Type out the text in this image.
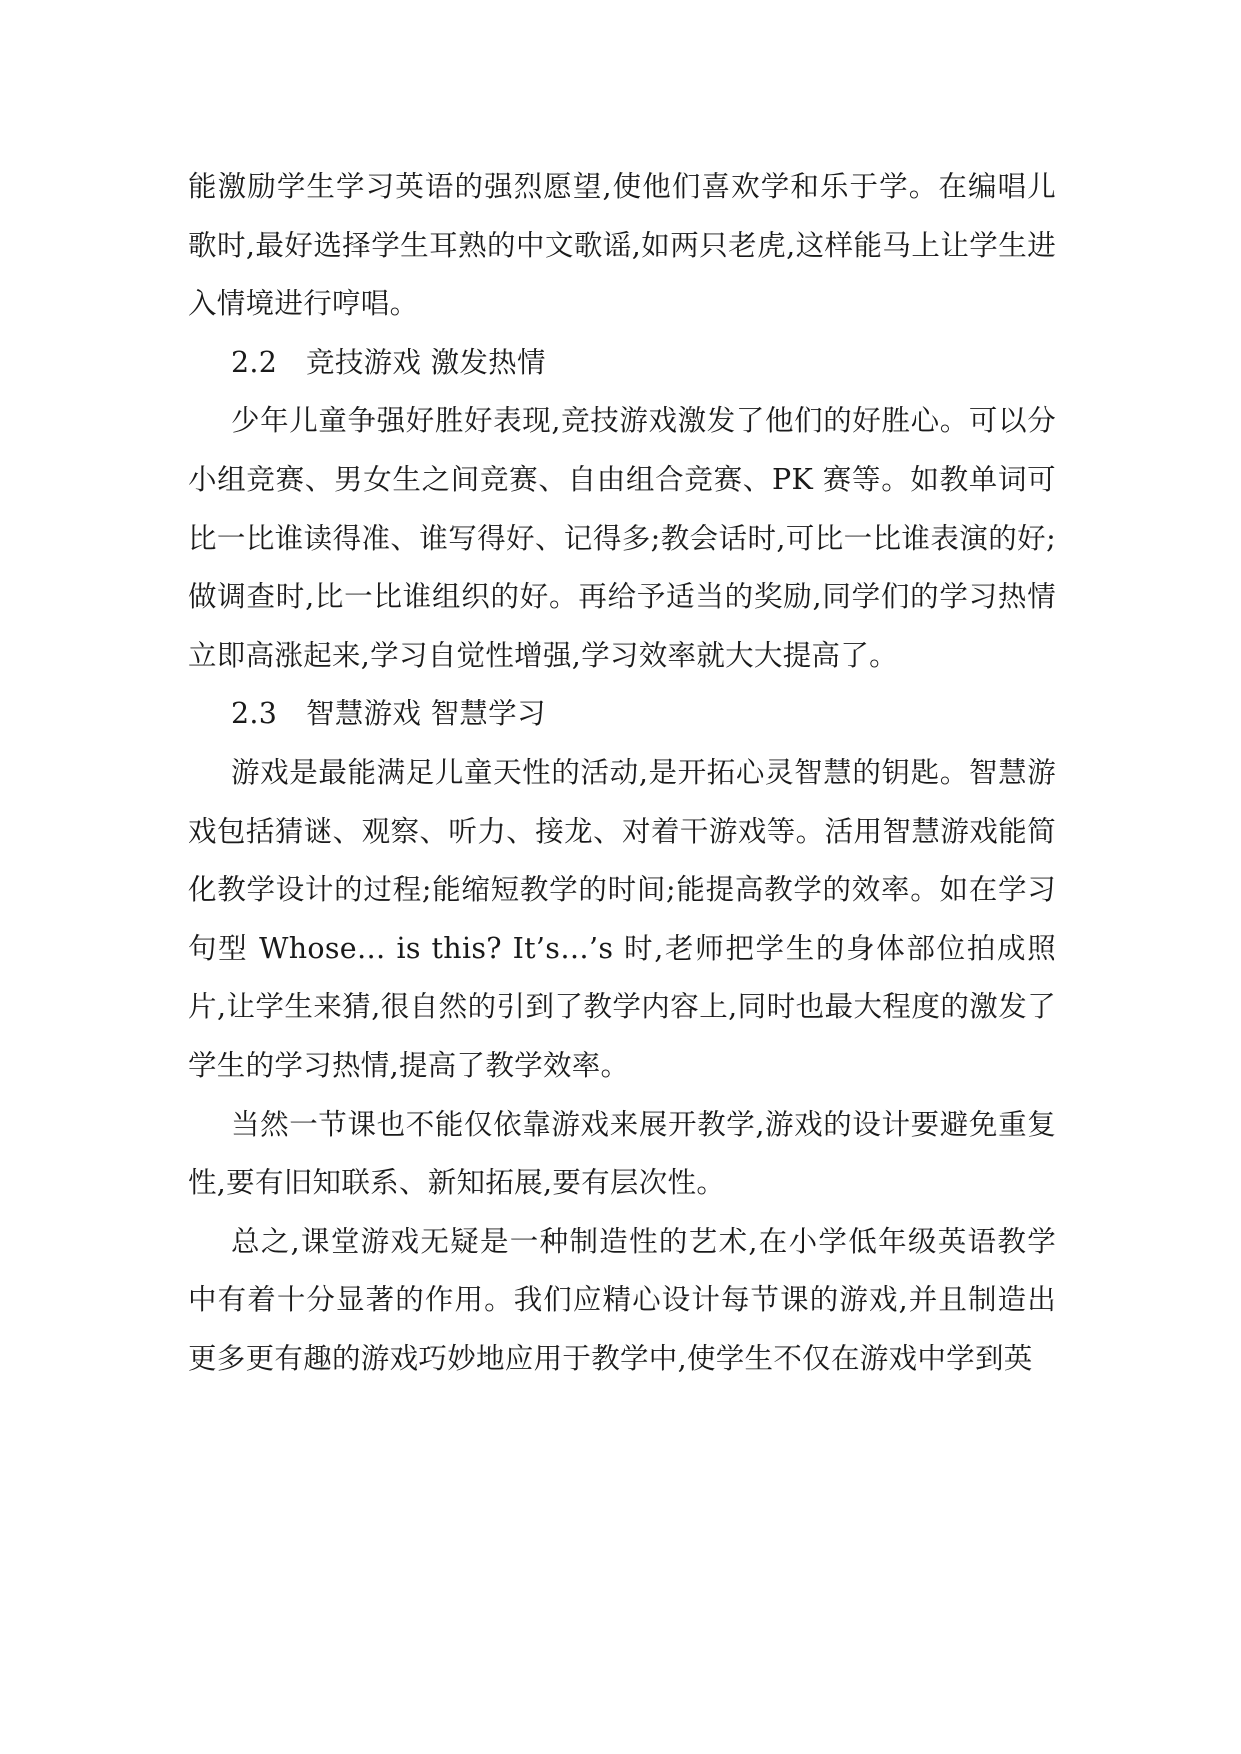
能激励学生学习英语的强烈愿望,使他们喜欢学和乐于学。在编唱儿歌时,最好选择学生耳熟的中文歌谣,如两只老虎,这样能马上让学生进入情境进行哼唱。

2.2　竞技游戏 激发热情

少年儿童争强好胜好表现,竞技游戏激发了他们的好胜心。可以分小组竞赛、男女生之间竞赛、自由组合竞赛、PK 赛等。如教单词可比一比谁读得准、谁写得好、记得多;教会话时,可比一比谁表演的好;做调查时,比一比谁组织的好。再给予适当的奖励,同学们的学习热情立即高涨起来,学习自觉性增强,学习效率就大大提高了。

2.3　智慧游戏 智慧学习

游戏是最能满足儿童天性的活动,是开拓心灵智慧的钥匙。智慧游戏包括猜谜、观察、听力、接龙、对着干游戏等。活用智慧游戏能简化教学设计的过程;能缩短教学的时间;能提高教学的效率。如在学习句型 Whose… is this? It’s…’s 时,老师把学生的身体部位拍成照片,让学生来猜,很自然的引到了教学内容上,同时也最大程度的激发了学生的学习热情,提高了教学效率。

当然一节课也不能仅依靠游戏来展开教学,游戏的设计要避免重复性,要有旧知联系、新知拓展,要有层次性。

总之,课堂游戏无疑是一种制造性的艺术,在小学低年级英语教学中有着十分显著的作用。我们应精心设计每节课的游戏,并且制造出更多更有趣的游戏巧妙地应用于教学中,使学生不仅在游戏中学到英
